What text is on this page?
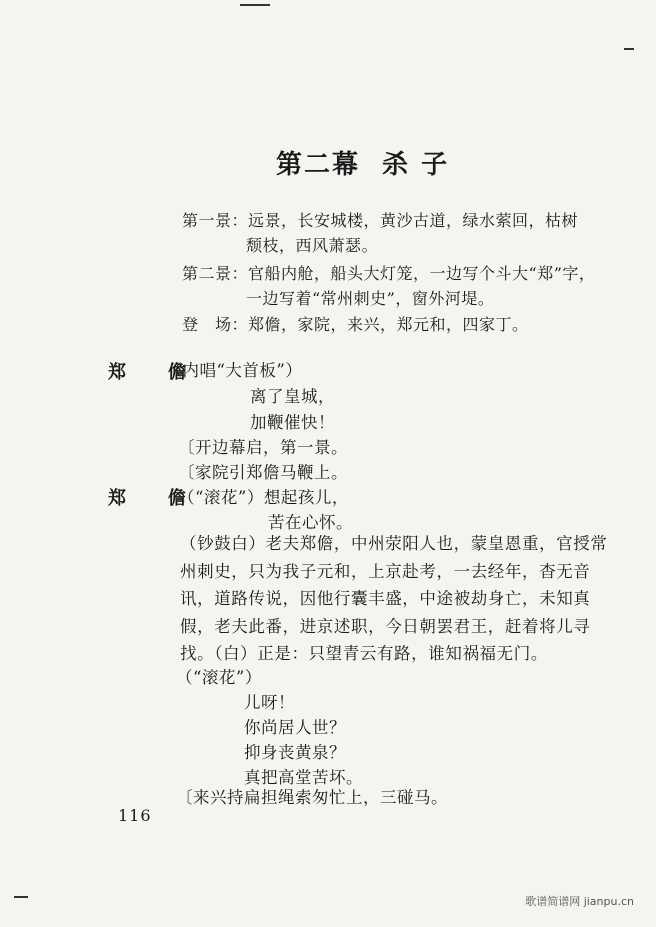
第二幕 杀 子
第一景：远景，长安城楼，黄沙古道，绿水萦回，枯树
颓枝，西风萧瑟。
第二景：官船内舱，船头大灯笼，一边写个斗大“郑”字，
一边写着“常州刺史”，窗外河堤。
登　场：郑儋，家院，来兴，郑元和，四家丁。
郑　儋
·（内唱“大首板”）
离了皇城，
加鞭催快！
〔开边幕启，第一景。
〔家院引郑儋马鞭上。
郑　儋
（“滚花”）想起孩儿，
苦在心怀。
（钞鼓白）老夫郑儋，中州荥阳人也，蒙皇恩重，官授常
州刺史，只为我子元和，上京赴考，一去经年，杳无音
讯，道路传说，因他行囊丰盛，中途被劫身亡，未知真
假，老夫此番，进京述职，今日朝罢君王，赶着将儿寻
找。（白）正是：只望青云有路，谁知祸福无门。
（“滚花”）
儿呀！
你尚居人世？
抑身丧黄泉？
真把高堂苦坏。
〔来兴持扁担绳索匆忙上，三碰马。
116
歌谱简谱网 jianpu.cn
